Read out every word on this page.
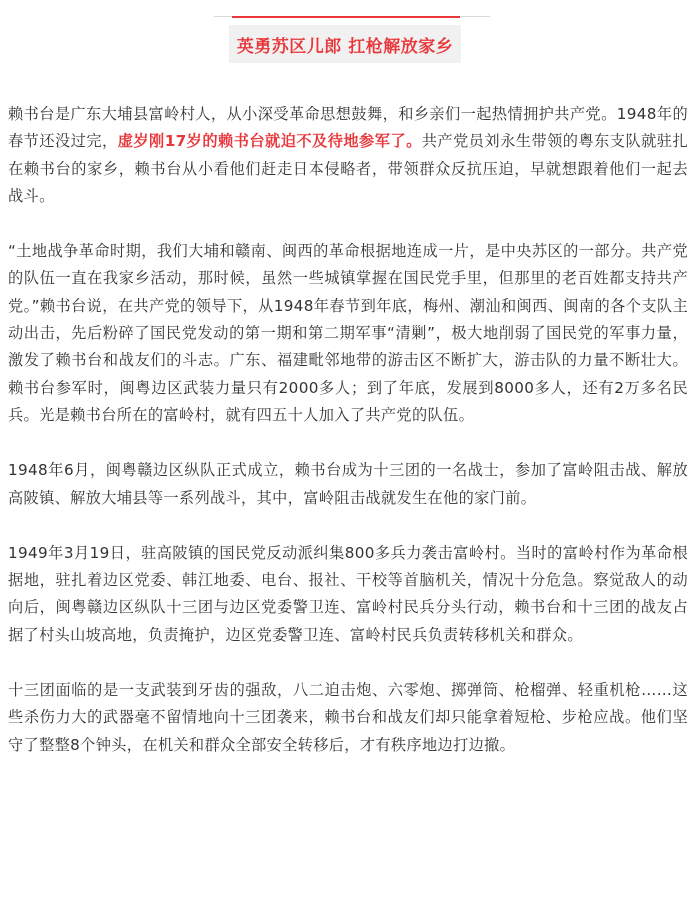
英勇苏区儿郎 扛枪解放家乡

赖书台是广东大埔县富岭村人，从小深受革命思想鼓舞，和乡亲们一起热情拥护共产党。1948年的春节还没过完，虚岁刚17岁的赖书台就迫不及待地参军了。共产党员刘永生带领的粤东支队就驻扎在赖书台的家乡，赖书台从小看他们赶走日本侵略者，带领群众反抗压迫，早就想跟着他们一起去战斗。

“土地战争革命时期，我们大埔和赣南、闽西的革命根据地连成一片，是中央苏区的一部分。共产党的队伍一直在我家乡活动，那时候，虽然一些城镇掌握在国民党手里，但那里的老百姓都支持共产党。”赖书台说，在共产党的领导下，从1948年春节到年底，梅州、潮汕和闽西、闽南的各个支队主动出击，先后粉碎了国民党发动的第一期和第二期军事“清剿”，极大地削弱了国民党的军事力量，激发了赖书台和战友们的斗志。广东、福建毗邻地带的游击区不断扩大，游击队的力量不断壮大。赖书台参军时，闽粤边区武装力量只有2000多人；到了年底，发展到8000多人，还有2万多名民兵。光是赖书台所在的富岭村，就有四五十人加入了共产党的队伍。

1948年6月，闽粤赣边区纵队正式成立，赖书台成为十三团的一名战士，参加了富岭阻击战、解放高陂镇、解放大埔县等一系列战斗，其中，富岭阻击战就发生在他的家门前。

1949年3月19日，驻高陂镇的国民党反动派纠集800多兵力袭击富岭村。当时的富岭村作为革命根据地，驻扎着边区党委、韩江地委、电台、报社、干校等首脑机关，情况十分危急。察觉敌人的动向后，闽粤赣边区纵队十三团与边区党委警卫连、富岭村民兵分头行动，赖书台和十三团的战友占据了村头山坡高地，负责掩护，边区党委警卫连、富岭村民兵负责转移机关和群众。

十三团面临的是一支武装到牙齿的强敌，八二迫击炮、六零炮、掷弹筒、枪榴弹、轻重机枪……这些杀伤力大的武器毫不留情地向十三团袭来，赖书台和战友们却只能拿着短枪、步枪应战。他们坚守了整整8个钟头，在机关和群众全部安全转移后，才有秩序地边打边撤。
